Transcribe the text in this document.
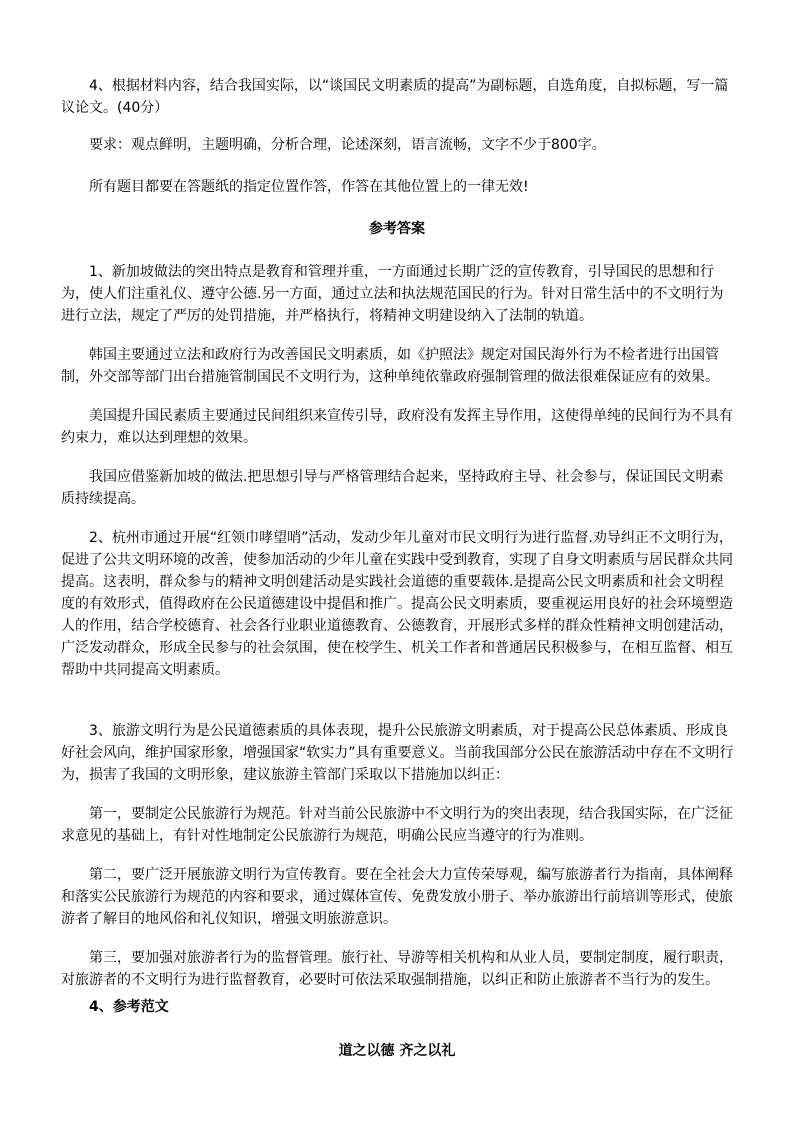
4、根据材料内容，结合我国实际，以“谈国民文明素质的提高”为副标题，自选角度，自拟标题，写一篇议论文。(40分）

要求：观点鲜明，主题明确，分析合理，论述深刻，语言流畅，文字不少于800字。

所有题目都要在答题纸的指定位置作答，作答在其他位置上的一律无效!

参考答案

1、新加坡做法的突出特点是教育和管理并重，一方面通过长期广泛的宣传教育，引导国民的思想和行为，使人们注重礼仪、遵守公德.另一方面，通过立法和执法规范国民的行为。针对日常生活中的不文明行为进行立法，规定了严厉的处罚措施，并严格执行，将精神文明建设纳入了法制的轨道。

韩国主要通过立法和政府行为改善国民文明素质，如《护照法》规定对国民海外行为不检者进行出国管制，外交部等部门出台措施管制国民不文明行为，这种单纯依靠政府强制管理的做法很难保证应有的效果。

美国提升国民素质主要通过民间组织来宣传引导，政府没有发挥主导作用，这使得单纯的民间行为不具有约束力，难以达到理想的效果。

我国应借鉴新加坡的做法.把思想引导与严格管理结合起来，坚持政府主导、社会参与，保证国民文明素质持续提高。

2、杭州市通过开展“红领巾哮望哨”活动，发动少年儿童对市民文明行为进行监督.劝导纠正不文明行为，促进了公共文明环境的改善，使参加活动的少年儿童在实践中受到教育，实现了自身文明素质与居民群众共同提高。这表明，群众参与的精神文明创建活动是实践社会道德的重要载体.是提高公民文明素质和社会文明程度的有效形式，值得政府在公民道德建设中提倡和推广。提高公民文明素质，要重视运用良好的社会环境塑造人的作用，结合学校德育、社会各行业职业道德教育、公德教育，开展形式多样的群众性精神文明创建活动，广泛发动群众，形成全民参与的社会氛围，使在校学生、机关工作者和普通居民积极参与，在相互监督、相互帮助中共同提高文明素质。

3、旅游文明行为是公民道德素质的具体表现，提升公民旅游文明素质，对于提高公民总体素质、形成良好社会风向，维护国家形象，增强国家“软实力”具有重要意义。当前我国部分公民在旅游活动中存在不文明行为，损害了我国的文明形象，建议旅游主管部门采取以下措施加以纠正：

第一，要制定公民旅游行为规范。针对当前公民旅游中不文明行为的突出表现，结合我国实际，在广泛征求意见的基础上，有针对性地制定公民旅游行为规范，明确公民应当遵守的行为准则。

第二，要广泛开展旅游文明行为宣传教育。要在全社会大力宣传荣辱观，编写旅游者行为指南，具体阐释和落实公民旅游行为规范的内容和要求，通过媒体宣传、免费发放小册子、举办旅游出行前培训等形式，使旅游者了解目的地风俗和礼仪知识，增强文明旅游意识。

第三，要加强对旅游者行为的监督管理。旅行社、导游等相关机构和从业人员，要制定制度，履行职责，对旅游者的不文明行为进行监督教育，必要时可依法采取强制措施，以纠正和防止旅游者不当行为的发生。

4、参考范文

道之以德 齐之以礼
